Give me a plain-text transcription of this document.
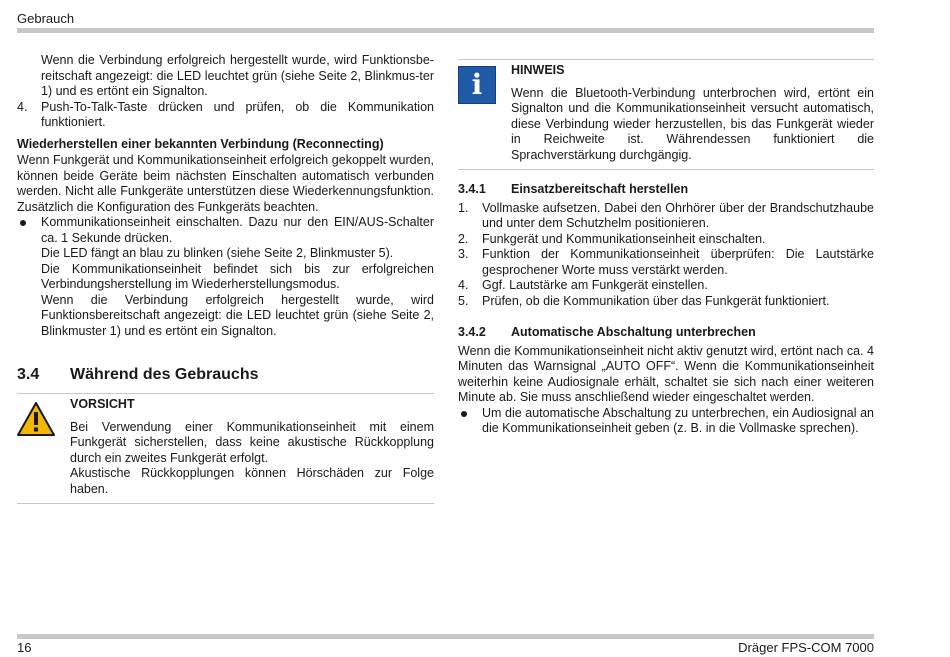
Gebrauch

Wenn die Verbindung erfolgreich hergestellt wurde, wird Funktionsbe-reitschaft angezeigt: die LED leuchtet grün (siehe Seite 2, Blinkmus-ter 1) und es ertönt ein Signalton.

4.	Push-To-Talk-Taste drücken und prüfen, ob die Kommunikation funktioniert.
Wiederherstellen einer bekannten Verbindung (Reconnecting)

Wenn Funkgerät und Kommunikationseinheit erfolgreich gekoppelt wurden, können beide Geräte beim nächsten Einschalten automatisch verbunden werden. Nicht alle Funkgeräte unterstützen diese Wiederkennungsfunktion. Zusätzlich die Konfiguration des Funkgeräts beachten.

Kommunikationseinheit einschalten. Dazu nur den EIN/AUS-Schalter ca. 1 Sekunde drücken.

Die LED fängt an blau zu blinken (siehe Seite 2, Blinkmuster 5).

Die Kommunikationseinheit befindet sich bis zur erfolgreichen Verbindungsherstellung im Wiederherstellungsmodus.

Wenn die Verbindung erfolgreich hergestellt wurde, wird Funktionsbereitschaft angezeigt: die LED leuchtet grün (siehe Seite 2, Blinkmuster 1) und es ertönt ein Signalton.

3.4	Während des Gebrauchs
VORSICHT

Bei Verwendung einer Kommunikationseinheit mit einem Funkgerät sicherstellen, dass keine akustische Rückkopplung durch ein zweites Funkgerät erfolgt.

Akustische Rückkopplungen können Hörschäden zur Folge haben.

i	HINWEIS

Wenn die Bluetooth-Verbindung unterbrochen wird, ertönt ein Signalton und die Kommunikationseinheit versucht automatisch, diese Verbindung wieder herzustellen, bis das Funkgerät wieder in Reichweite ist. Währendessen funktioniert die Sprachverstärkung durchgängig.

3.4.1	Einsatzbereitschaft herstellen
1.	Vollmaske aufsetzen. Dabei den Ohrhörer über der Brandschutzhaube und unter dem Schutzhelm positionieren.
2.	Funkgerät und Kommunikationseinheit einschalten.
3.	Funktion der Kommunikationseinheit überprüfen: Die Lautstärke gesprochener Worte muss verstärkt werden.
4.	Ggf. Lautstärke am Funkgerät einstellen.
5.	Prüfen, ob die Kommunikation über das Funkgerät funktioniert.
3.4.2	Automatische Abschaltung unterbrechen

Wenn die Kommunikationseinheit nicht aktiv genutzt wird, ertönt nach ca. 4 Minuten das Warnsignal „AUTO OFF“. Wenn die Kommunikationseinheit weiterhin keine Audiosignale erhält, schaltet sie sich nach einer weiteren Minute ab. Sie muss anschließend wieder eingeschaltet werden.

Um die automatische Abschaltung zu unterbrechen, ein Audiosignal an die Kommunikationseinheit geben (z. B. in die Vollmaske sprechen).

16	Dräger FPS-COM 7000
